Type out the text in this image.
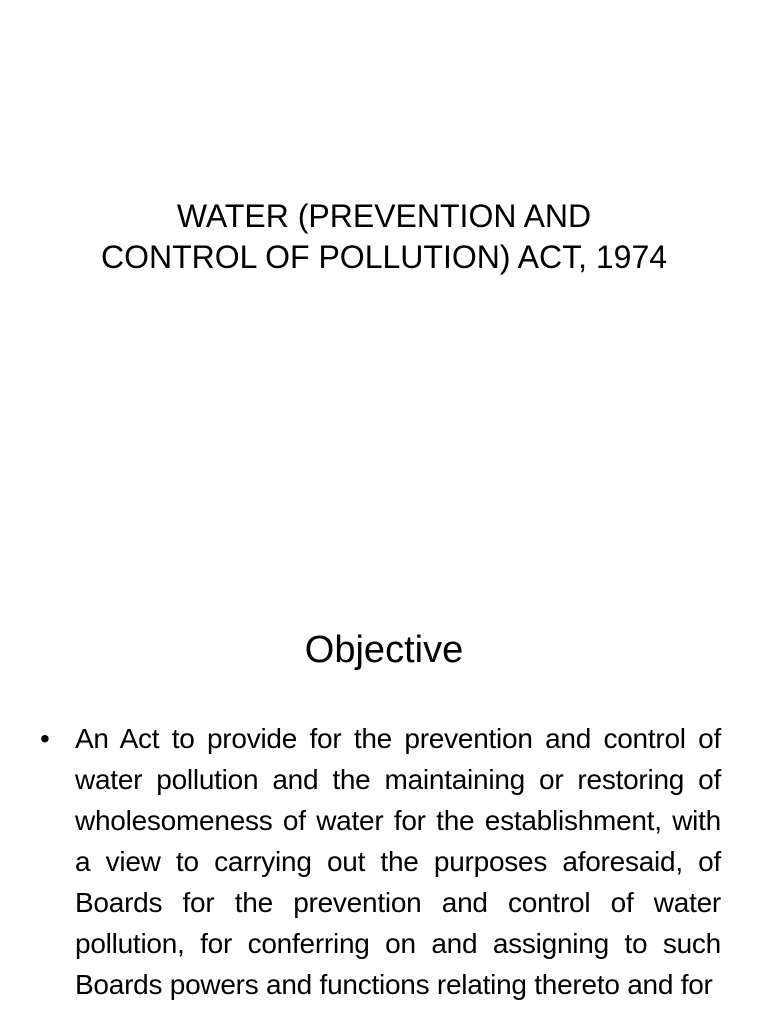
WATER (PREVENTION AND
CONTROL OF POLLUTION) ACT, 1974
Objective
• An Act to provide for the prevention and control of water pollution and the maintaining or restoring of wholesomeness of water for the establishment, with a view to carrying out the purposes aforesaid, of Boards for the prevention and control of water pollution, for conferring on and assigning to such Boards powers and functions relating thereto and for
